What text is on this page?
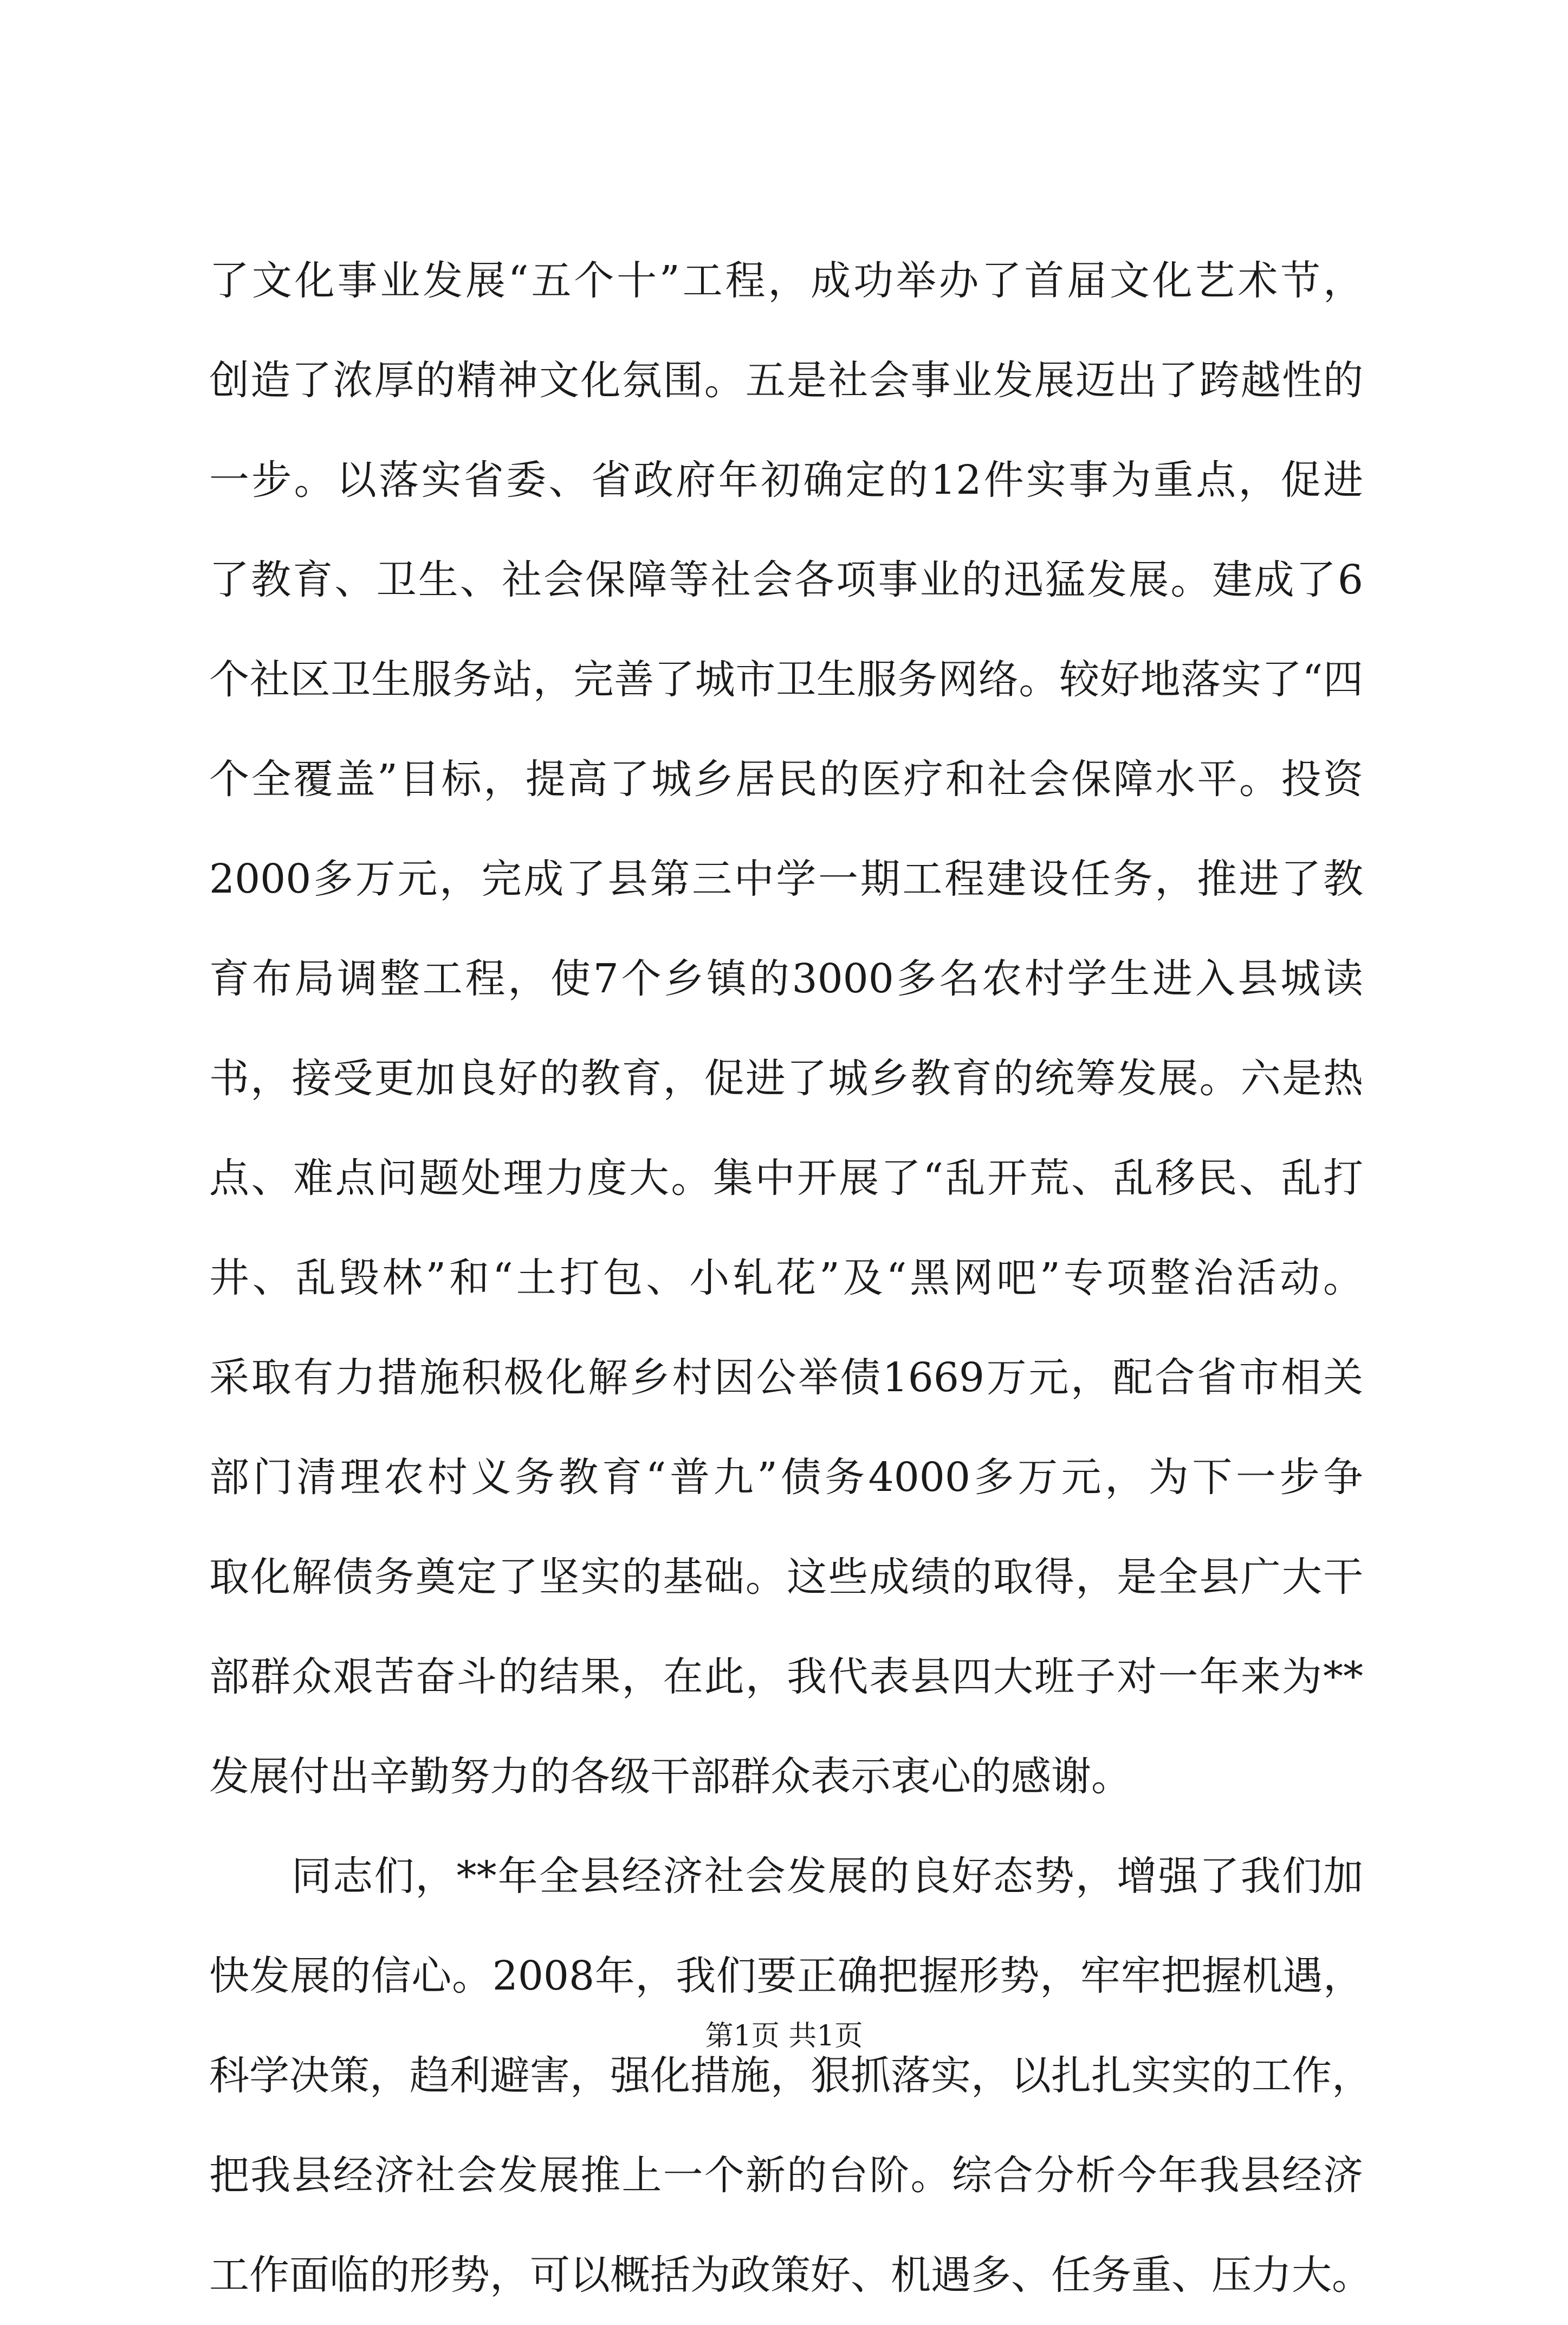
了文化事业发展“五个十”工程，成功举办了首届文化艺术节，
创造了浓厚的精神文化氛围。五是社会事业发展迈出了跨越性的
一步。以落实省委、省政府年初确定的12件实事为重点，促进
了教育、卫生、社会保障等社会各项事业的迅猛发展。建成了6
个社区卫生服务站，完善了城市卫生服务网络。较好地落实了“四
个全覆盖”目标，提高了城乡居民的医疗和社会保障水平。投资
2000多万元，完成了县第三中学一期工程建设任务，推进了教
育布局调整工程，使7个乡镇的3000多名农村学生进入县城读
书，接受更加良好的教育，促进了城乡教育的统筹发展。六是热
点、难点问题处理力度大。集中开展了“乱开荒、乱移民、乱打
井、乱毁林”和“土打包、小轧花”及“黑网吧”专项整治活动。
采取有力措施积极化解乡村因公举债1669万元，配合省市相关
部门清理农村义务教育“普九”债务4000多万元，为下一步争
取化解债务奠定了坚实的基础。这些成绩的取得，是全县广大干
部群众艰苦奋斗的结果，在此，我代表县四大班子对一年来为**
发展付出辛勤努力的各级干部群众表示衷心的感谢。
同志们，**年全县经济社会发展的良好态势，增强了我们加
快发展的信心。2008年，我们要正确把握形势，牢牢把握机遇，
科学决策，趋利避害，强化措施，狠抓落实，以扎扎实实的工作，
把我县经济社会发展推上一个新的台阶。综合分析今年我县经济
工作面临的形势，可以概括为政策好、机遇多、任务重、压力大。
第1页 共1页
